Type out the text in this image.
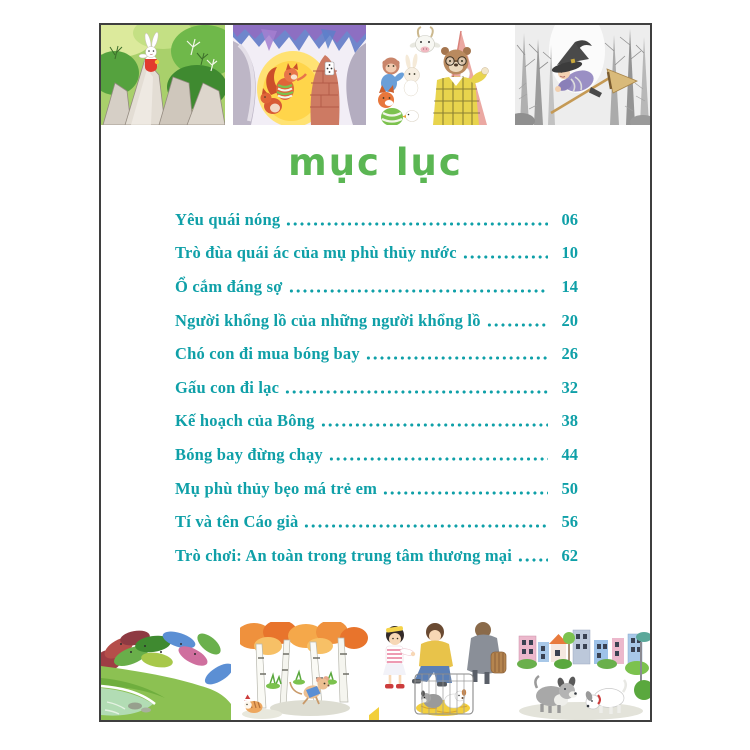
mục lục
Yêu quái nóng	06
Trò đùa quái ác của mụ phù thủy nước	10
Ổ cắm đáng sợ	14
Người khổng lồ của những người khổng lồ	20
Chó con đi mua bóng bay	26
Gấu con đi lạc	32
Kế hoạch của Bông	38
Bóng bay đừng chạy	44
Mụ phù thủy bẹo má trẻ em	50
Tí và tên Cáo già	56
Trò chơi: An toàn trong trung tâm thương mại	62
